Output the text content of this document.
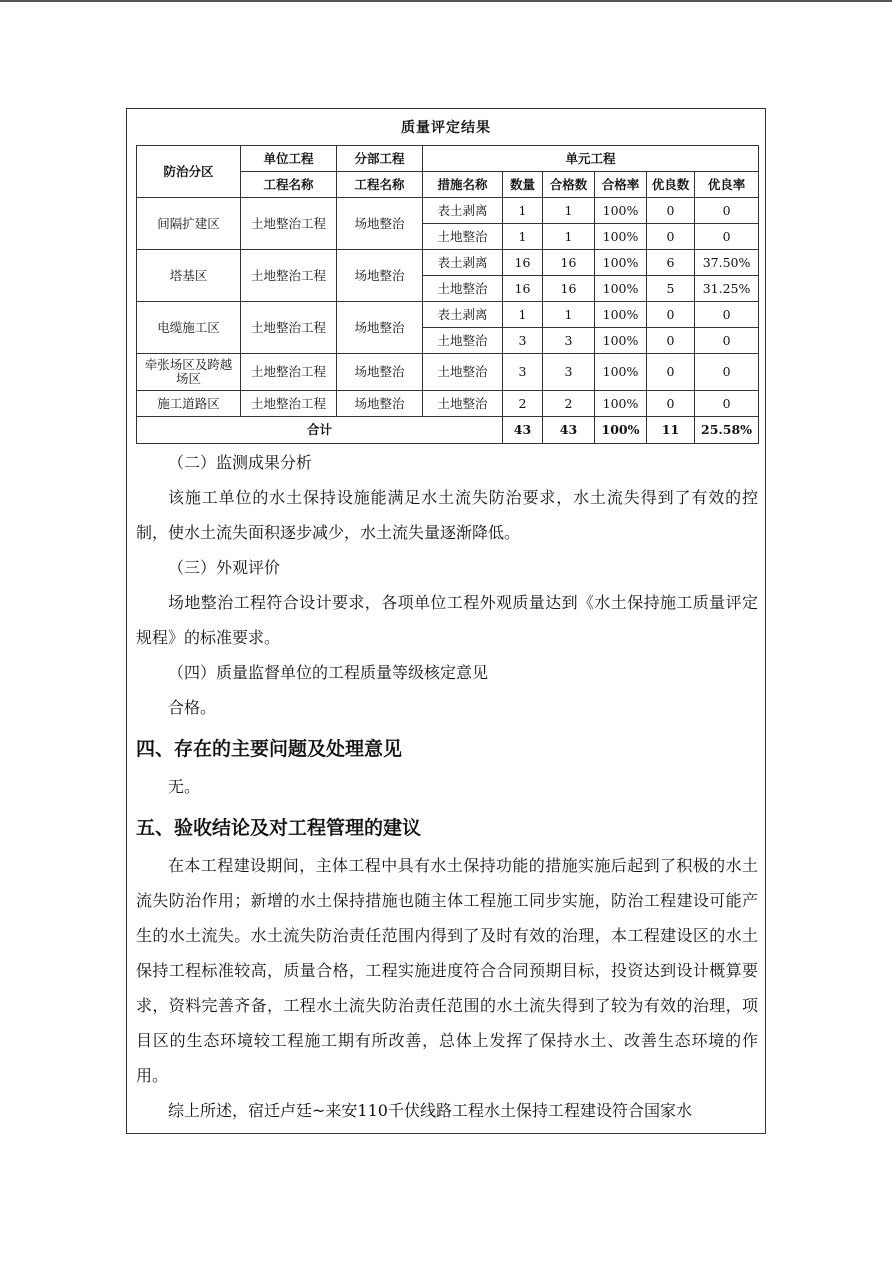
质量评定结果
防治分区	单位工程	分部工程	单元工程					
	工程名称	工程名称	措施名称	数量	合格数	合格率	优良数	优良率
间隔扩建区	土地整治工程	场地整治	表土剥离	1	1	100%	0	0
			土地整治	1	1	100%	0	0
塔基区	土地整治工程	场地整治	表土剥离	16	16	100%	6	37.50%
			土地整治	16	16	100%	5	31.25%
电缆施工区	土地整治工程	场地整治	表土剥离	1	1	100%	0	0
			土地整治	3	3	100%	0	0
牵张场区及跨越场区	土地整治工程	场地整治	土地整治	3	3	100%	0	0
施工道路区	土地整治工程	场地整治	土地整治	2	2	100%	0	0
合计				43	43	100%	11	25.58%

（二）监测成果分析

该施工单位的水土保持设施能满足水土流失防治要求，水土流失得到了有效的控制，使水土流失面积逐步减少，水土流失量逐渐降低。

（三）外观评价

场地整治工程符合设计要求，各项单位工程外观质量达到《水土保持施工质量评定规程》的标准要求。

（四）质量监督单位的工程质量等级核定意见

合格。

四、存在的主要问题及处理意见

无。

五、验收结论及对工程管理的建议

在本工程建设期间，主体工程中具有水土保持功能的措施实施后起到了积极的水土流失防治作用；新增的水土保持措施也随主体工程施工同步实施，防治工程建设可能产生的水土流失。水土流失防治责任范围内得到了及时有效的治理，本工程建设区的水土保持工程标准较高，质量合格，工程实施进度符合合同预期目标，投资达到设计概算要求，资料完善齐备，工程水土流失防治责任范围的水土流失得到了较为有效的治理，项目区的生态环境较工程施工期有所改善，总体上发挥了保持水土、改善生态环境的作用。

综上所述，宿迁卢廷~来安110千伏线路工程水土保持工程建设符合国家水
